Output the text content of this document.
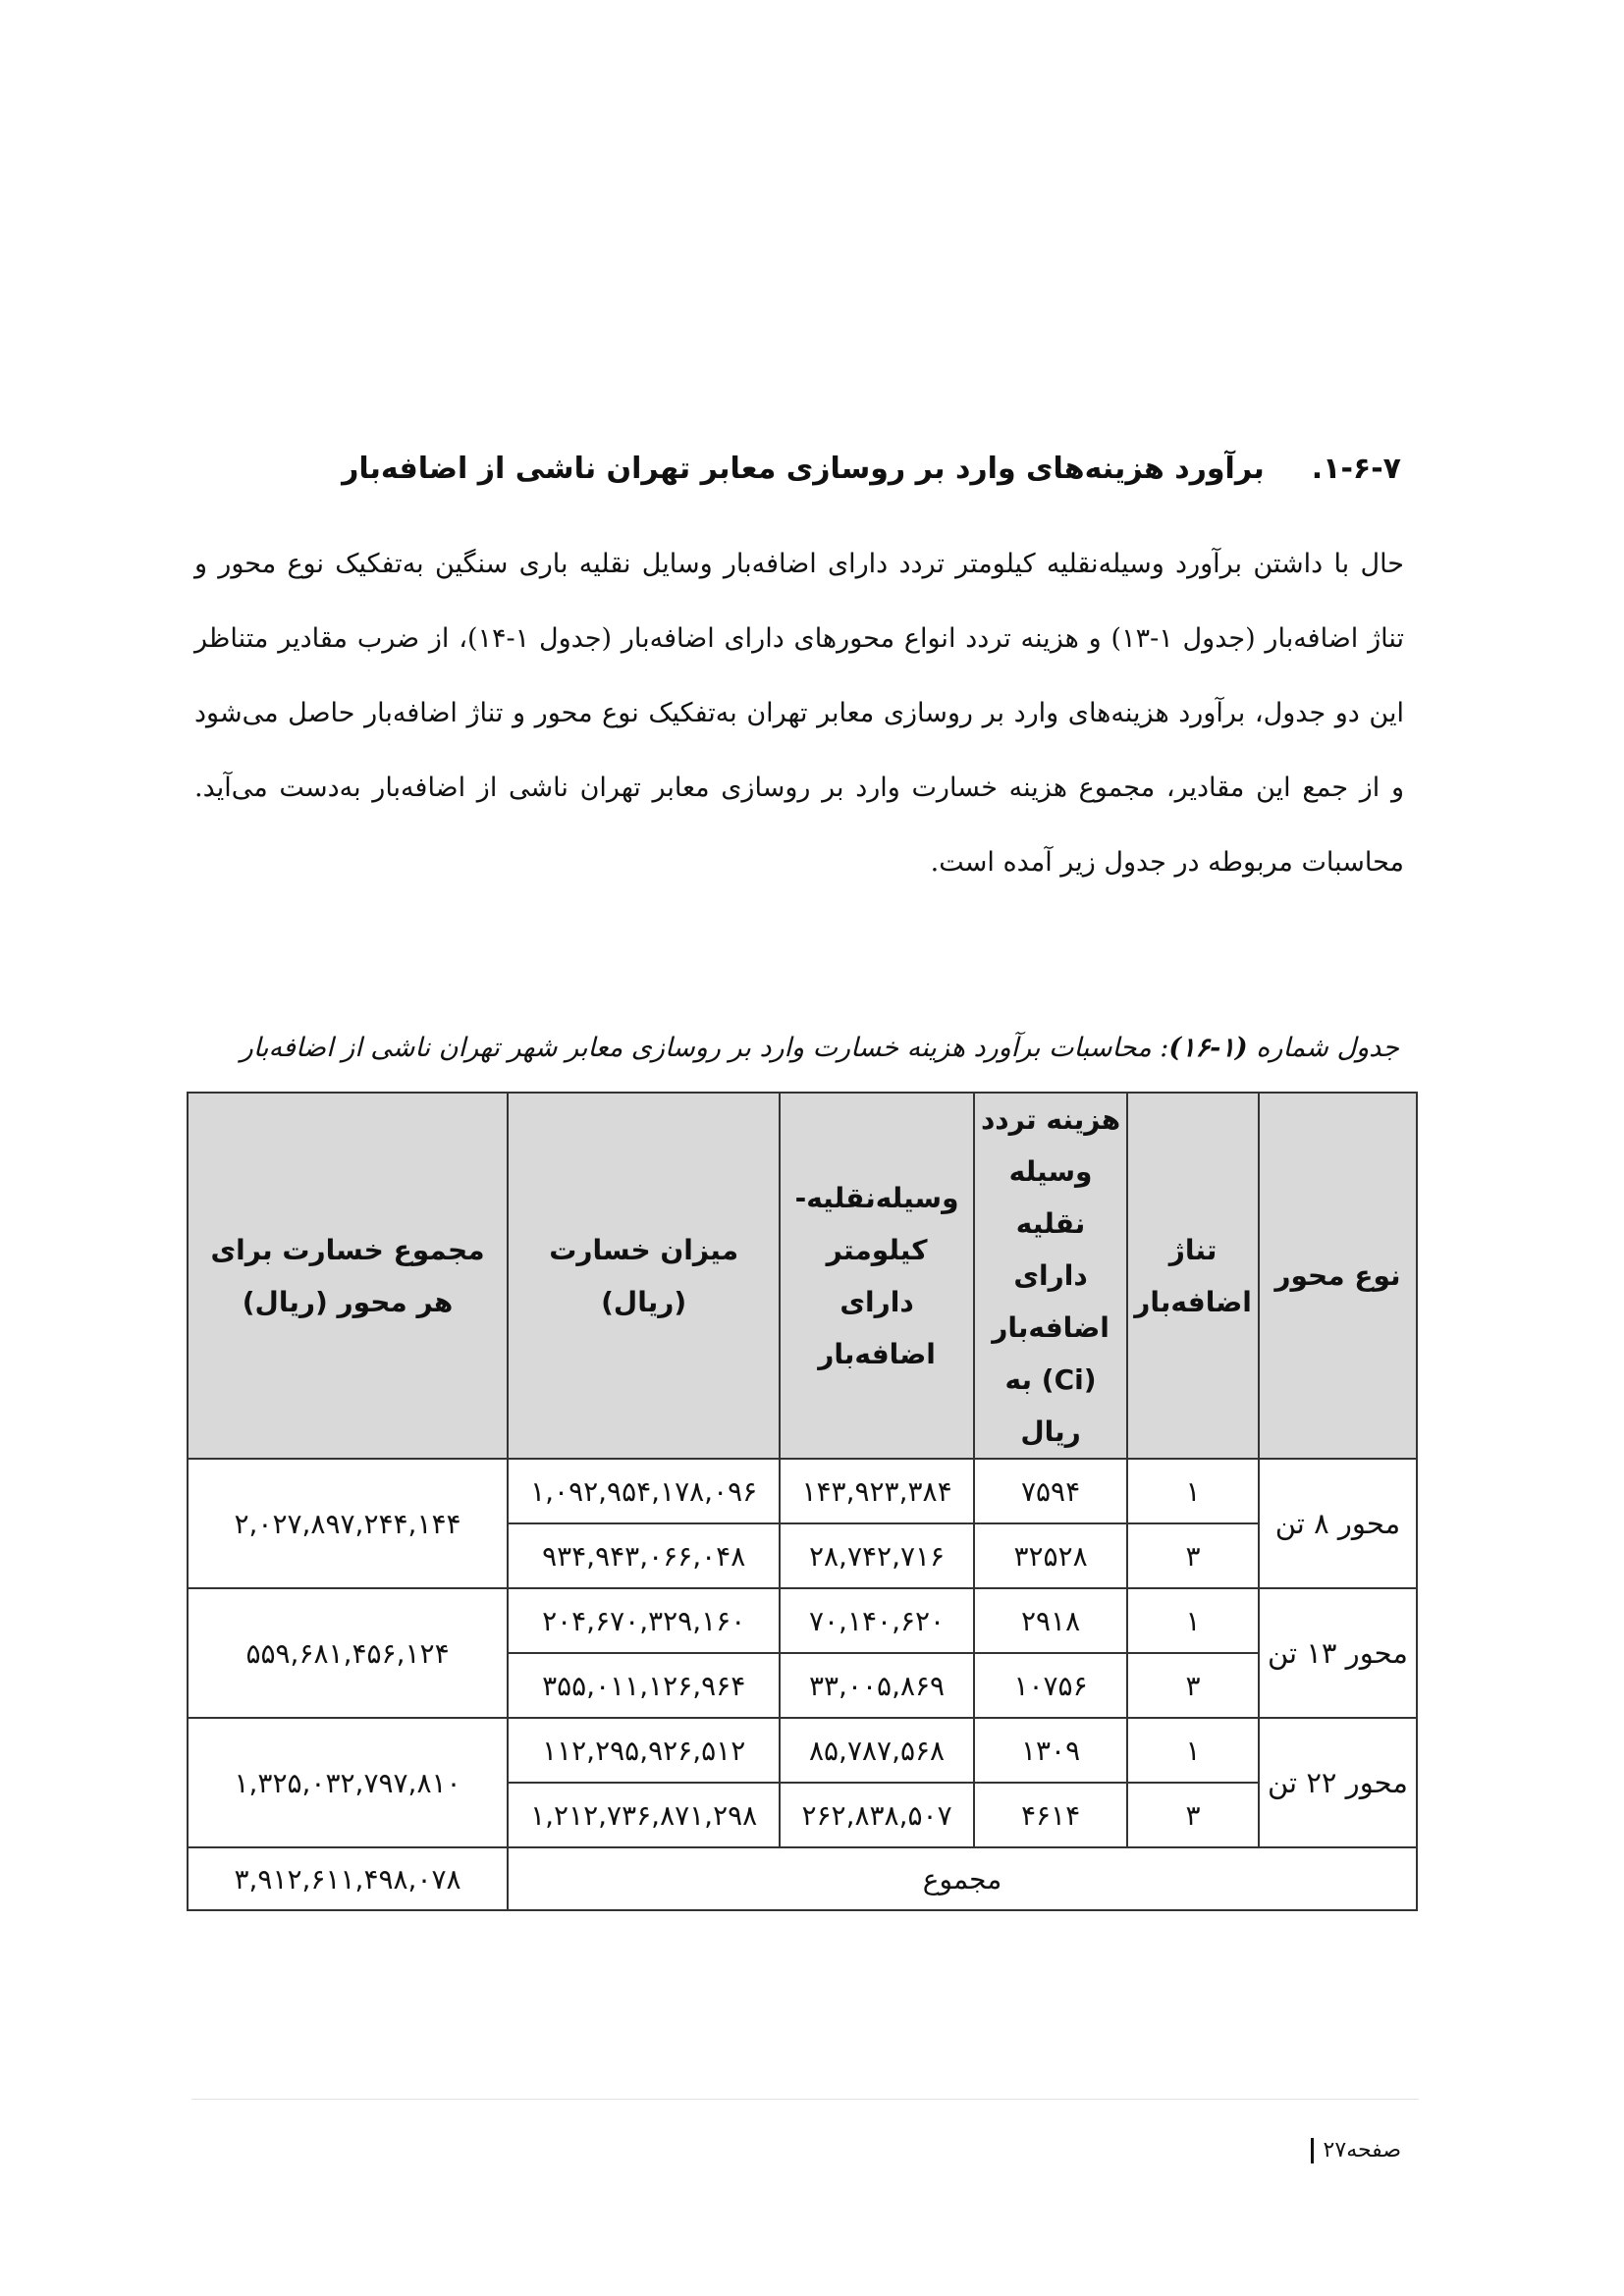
۱-۶-۷.برآورد هزینه‌های وارد بر روسازی معابر تهران ناشی از اضافه‌بار
حال با داشتن برآورد وسیله‌نقلیه کیلومتر تردد دارای اضافه‌بار وسایل نقلیه باری سنگین به‌تفکیک نوع محور و تناژ اضافه‌بار (جدول ۱-۱۳) و هزینه تردد انواع محورهای دارای اضافه‌بار (جدول ۱-۱۴)، از ضرب مقادیر متناظر این دو جدول، برآورد هزینه‌های وارد بر روسازی معابر تهران به‌تفکیک نوع محور و تناژ اضافه‌بار حاصل می‌شود و از جمع این مقادیر، مجموع هزینه خسارت وارد بر روسازی معابر تهران ناشی از اضافه‌بار به‌دست می‌آید. محاسبات مربوطه در جدول زیر آمده است.
جدول شماره (۱-۱۶): محاسبات برآورد هزینه خسارت وارد بر روسازی معابر شهر تهران ناشی از اضافه‌بار
نوع محور	تناژ اضافه‌بار	هزینه تردد وسیله نقلیه دارای اضافه‌بار (Ci) به ریال	وسیله‌نقلیه-کیلومتر دارای اضافه‌بار	میزان خسارت (ریال)	مجموع خسارت برای هر محور (ریال)
محور ۸ تن	۱	۷۵۹۴	۱۴۳,۹۲۳,۳۸۴	۱,۰۹۲,۹۵۴,۱۷۸,۰۹۶	۲,۰۲۷,۸۹۷,۲۴۴,۱۴۴
	۳	۳۲۵۲۸	۲۸,۷۴۲,۷۱۶	۹۳۴,۹۴۳,۰۶۶,۰۴۸	
محور ۱۳ تن	۱	۲۹۱۸	۷۰,۱۴۰,۶۲۰	۲۰۴,۶۷۰,۳۲۹,۱۶۰	۵۵۹,۶۸۱,۴۵۶,۱۲۴
	۳	۱۰۷۵۶	۳۳,۰۰۵,۸۶۹	۳۵۵,۰۱۱,۱۲۶,۹۶۴	
محور ۲۲ تن	۱	۱۳۰۹	۸۵,۷۸۷,۵۶۸	۱۱۲,۲۹۵,۹۲۶,۵۱۲	۱,۳۲۵,۰۳۲,۷۹۷,۸۱۰
	۳	۴۶۱۴	۲۶۲,۸۳۸,۵۰۷	۱,۲۱۲,۷۳۶,۸۷۱,۲۹۸	
مجموع					۳,۹۱۲,۶۱۱,۴۹۸,۰۷۸
صفحه۲۷
